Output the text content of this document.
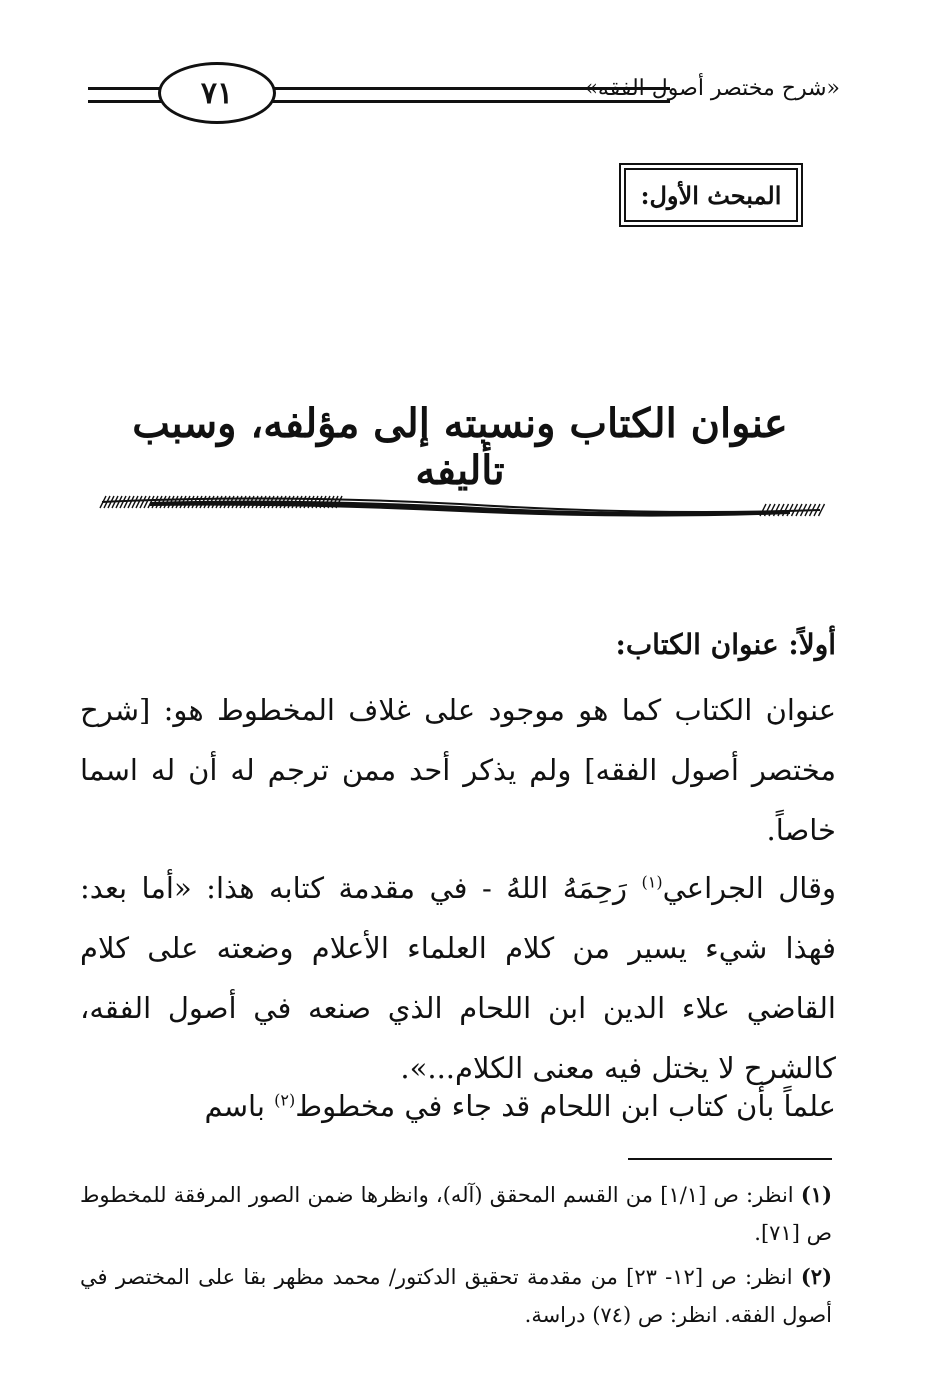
٧١	«شرح مختصر أصول الفقه»
المبحث الأول:
عنوان الكتاب ونسبته إلى مؤلفه، وسبب تأليفه
أولاً: عنوان الكتاب:
عنوان الكتاب كما هو موجود على غلاف المخطوط هو: [شرح مختصر أصول الفقه] ولم يذكر أحد ممن ترجم له أن له اسما خاصاً.
وقال الجراعي$^{(١)}$ رَحِمَهُ اللهُ - في مقدمة كتابه هذا: «أما بعد: فهذا شيء يسير من كلام العلماء الأعلام وضعته على كلام القاضي علاء الدين ابن اللحام الذي صنعه في أصول الفقه، كالشرح لا يختل فيه معنى الكلام...».
علماً بأن كتاب ابن اللحام قد جاء في مخطوط$^{(٢)}$ باسم
(١) انظر: ص [١/١] من القسم المحقق (آله)، وانظرها ضمن الصور المرفقة للمخطوط ص [٧١].
(٢) انظر: ص [١٢- ٢٣] من مقدمة تحقيق الدكتور/ محمد مظهر بقا على المختصر في أصول الفقه. انظر: ص (٧٤) دراسة.
